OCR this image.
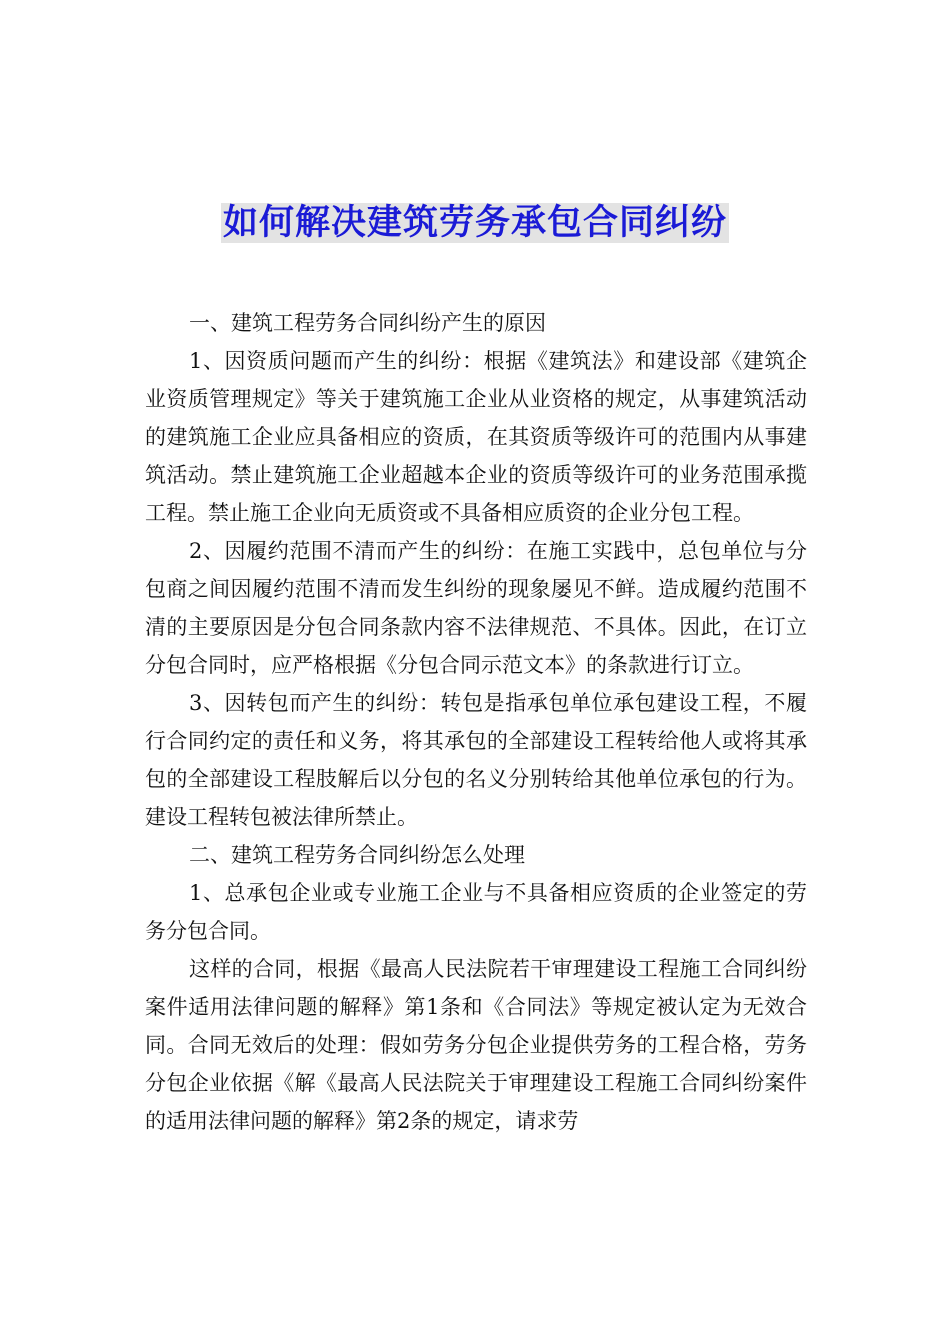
如何解决建筑劳务承包合同纠纷

一、建筑工程劳务合同纠纷产生的原因

1、因资质问题而产生的纠纷：根据《建筑法》和建设部《建筑企业资质管理规定》等关于建筑施工企业从业资格的规定，从事建筑活动的建筑施工企业应具备相应的资质，在其资质等级许可的范围内从事建筑活动。禁止建筑施工企业超越本企业的资质等级许可的业务范围承揽工程。禁止施工企业向无质资或不具备相应质资的企业分包工程。

2、因履约范围不清而产生的纠纷：在施工实践中，总包单位与分包商之间因履约范围不清而发生纠纷的现象屡见不鲜。造成履约范围不清的主要原因是分包合同条款内容不法律规范、不具体。因此，在订立分包合同时，应严格根据《分包合同示范文本》的条款进行订立。

3、因转包而产生的纠纷：转包是指承包单位承包建设工程，不履行合同约定的责任和义务，将其承包的全部建设工程转给他人或将其承包的全部建设工程肢解后以分包的名义分别转给其他单位承包的行为。建设工程转包被法律所禁止。

二、建筑工程劳务合同纠纷怎么处理

1、总承包企业或专业施工企业与不具备相应资质的企业签定的劳务分包合同。

这样的合同，根据《最高人民法院若干审理建设工程施工合同纠纷案件适用法律问题的解释》第1条和《合同法》等规定被认定为无效合同。合同无效后的处理：假如劳务分包企业提供劳务的工程合格，劳务分包企业依据《解《最高人民法院关于审理建设工程施工合同纠纷案件的适用法律问题的解释》第2条的规定，请求劳
